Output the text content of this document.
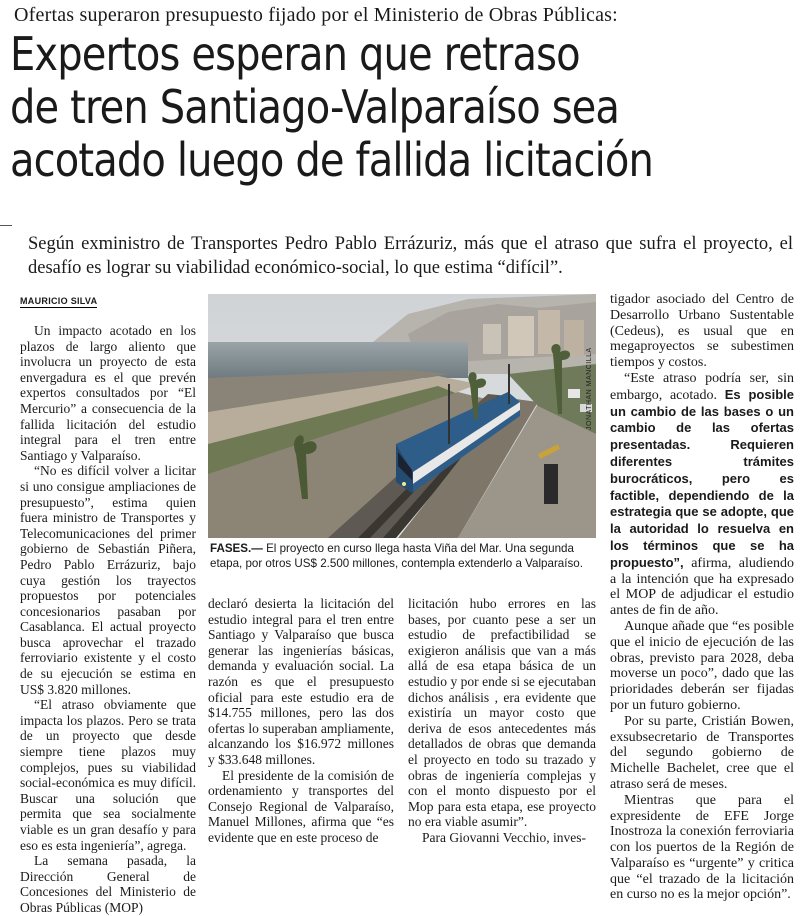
Ofertas superaron presupuesto fijado por el Ministerio de Obras Públicas:
Expertos esperan que retraso
de tren Santiago-Valparaíso sea
acotado luego de fallida licitación
Según exministro de Transportes Pedro Pablo Errázuriz, más que el atraso que sufra el proyecto, el desafío es lograr su viabilidad económico-social, lo que estima “difícil”.
MAURICIO SILVA

Un impacto acotado en los plazos de largo aliento que involucra un proyecto de esta envergadura es el que prevén expertos consultados por “El Mercurio” a consecuencia de la fallida licitación del estudio integral para el tren entre Santiago y Valparaíso.

“No es difícil volver a licitar si uno consigue ampliaciones de presupuesto”, estima quien fuera ministro de Transportes y Telecomunicaciones del primer gobierno de Sebastián Piñera, Pedro Pablo Errázuriz, bajo cuya gestión los trayectos propuestos por potenciales concesionarios pasaban por Casablanca. El actual proyecto busca aprovechar el trazado ferroviario existente y el costo de su ejecución se estima en US$ 3.820 millones.

“El atraso obviamente que impacta los plazos. Pero se trata de un proyecto que desde siempre tiene plazos muy complejos, pues su viabilidad social-económica es muy difícil. Buscar una solución que permita que sea socialmente viable es un gran desafío y para eso es esta ingeniería”, agrega.

La semana pasada, la Dirección General de Concesiones del Ministerio de Obras Públicas (MOP)

JONATHAN MANCILLA
FASES.— El proyecto en curso llega hasta Viña del Mar. Una segunda etapa, por otros US$ 2.500 millones, contempla extenderlo a Valparaíso.

declaró desierta la licitación del estudio integral para el tren entre Santiago y Valparaíso que busca generar las ingenierías básicas, demanda y evaluación social. La razón es que el presupuesto oficial para este estudio era de $14.755 millones, pero las dos ofertas lo superaban ampliamente, alcanzando los $16.972 millones y $33.648 millones.

El presidente de la comisión de ordenamiento y transportes del Consejo Regional de Valparaíso, Manuel Millones, afirma que “es evidente que en este proceso de

licitación hubo errores en las bases, por cuanto pese a ser un estudio de prefactibilidad se exigieron análisis que van a más allá de esa etapa básica de un estudio y por ende si se ejecutaban dichos análisis , era evidente que existiría un mayor costo que deriva de esos antecedentes más detallados de obras que demanda el proyecto en todo su trazado y obras de ingeniería complejas y con el monto dispuesto por el Mop para esta etapa, ese proyecto no era viable asumir”.

Para Giovanni Vecchio, inves-

tigador asociado del Centro de Desarrollo Urbano Sustentable (Cedeus), es usual que en megaproyectos se subestimen tiempos y costos.

“Este atraso podría ser, sin embargo, acotado. Es posible un cambio de las bases o un cambio de las ofertas presentadas. Requieren diferentes trámites burocráticos, pero es factible, dependiendo de la estrategia que se adopte, que la autoridad lo resuelva en los términos que se ha propuesto”, afirma, aludiendo a la intención que ha expresado el MOP de adjudicar el estudio antes de fin de año.

Aunque añade que “es posible que el inicio de ejecución de las obras, previsto para 2028, deba moverse un poco”, dado que las prioridades deberán ser fijadas por un futuro gobierno.

Por su parte, Cristián Bowen, exsubsecretario de Transportes del segundo gobierno de Michelle Bachelet, cree que el atraso será de meses.

Mientras que para el expresidente de EFE Jorge Inostroza la conexión ferroviaria con los puertos de la Región de Valparaíso es “urgente” y critica que “el trazado de la licitación en curso no es la mejor opción”.
